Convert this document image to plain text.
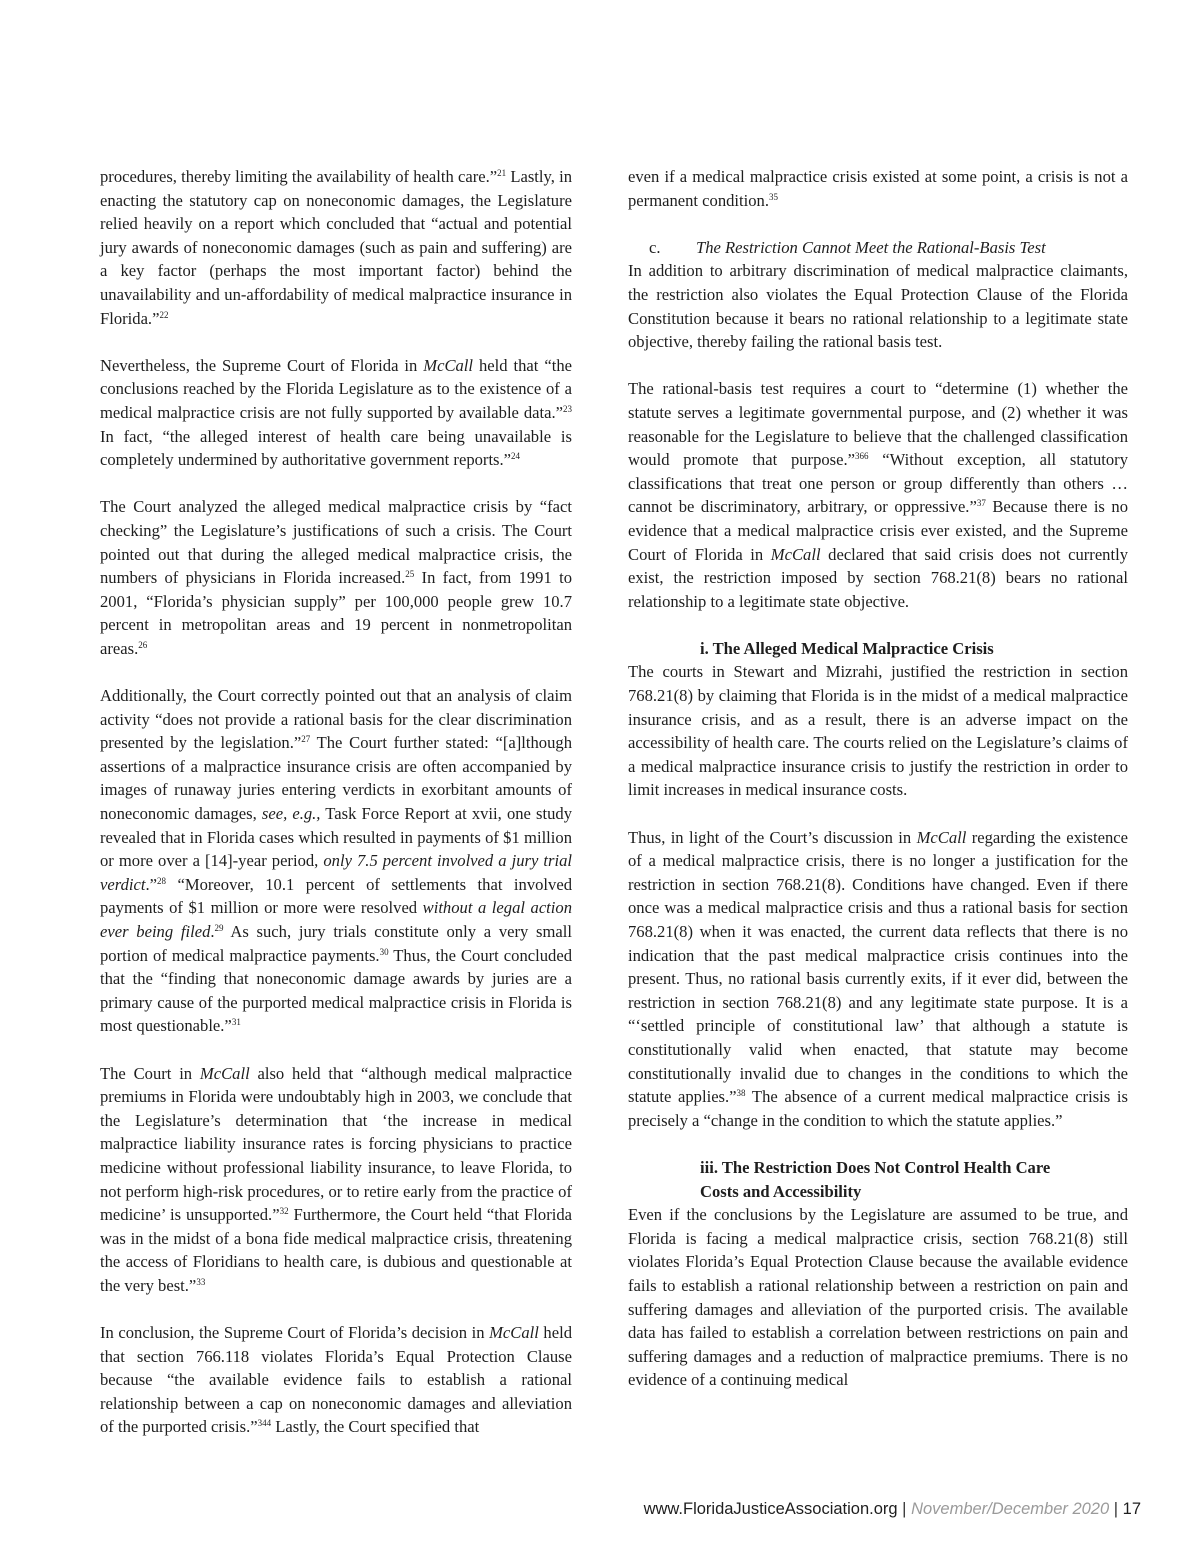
procedures, thereby limiting the availability of health care.”$^{21}$ Lastly, in enacting the statutory cap on noneconomic damages, the Legislature relied heavily on a report which concluded that “actual and potential jury awards of noneconomic damages (such as pain and suffering) are a key factor (perhaps the most important factor) behind the unavailability and un-affordability of medical malpractice insurance in Florida.”$^{22}$

Nevertheless, the Supreme Court of Florida in McCall held that “the conclusions reached by the Florida Legislature as to the existence of a medical malpractice crisis are not fully supported by available data.”$^{23}$ In fact, “the alleged interest of health care being unavailable is completely undermined by authoritative government reports.”$^{24}$

The Court analyzed the alleged medical malpractice crisis by “fact checking” the Legislature’s justifications of such a crisis. The Court pointed out that during the alleged medical malpractice crisis, the numbers of physicians in Florida increased.$^{25}$ In fact, from 1991 to 2001, “Florida’s physician supply” per 100,000 people grew 10.7 percent in metropolitan areas and 19 percent in nonmetropolitan areas.$^{26}$

Additionally, the Court correctly pointed out that an analysis of claim activity “does not provide a rational basis for the clear discrimination presented by the legislation.”$^{27}$ The Court further stated: “[a]lthough assertions of a malpractice insurance crisis are often accompanied by images of runaway juries entering verdicts in exorbitant amounts of noneconomic damages, see, e.g., Task Force Report at xvii, one study revealed that in Florida cases which resulted in payments of $1 million or more over a [14]-year period, only 7.5 percent involved a jury trial verdict.”$^{28}$ “Moreover, 10.1 percent of settlements that involved payments of $1 million or more were resolved without a legal action ever being filed.$^{29}$ As such, jury trials constitute only a very small portion of medical malpractice payments.$^{30}$ Thus, the Court concluded that the “finding that noneconomic damage awards by juries are a primary cause of the purported medical malpractice crisis in Florida is most questionable.”$^{31}$

The Court in McCall also held that “although medical malpractice premiums in Florida were undoubtably high in 2003, we conclude that the Legislature’s determination that ‘the increase in medical malpractice liability insurance rates is forcing physicians to practice medicine without professional liability insurance, to leave Florida, to not perform high-risk procedures, or to retire early from the practice of medicine’ is unsupported.”$^{32}$ Furthermore, the Court held “that Florida was in the midst of a bona fide medical malpractice crisis, threatening the access of Floridians to health care, is dubious and questionable at the very best.”$^{33}$

In conclusion, the Supreme Court of Florida’s decision in McCall held that section 766.118 violates Florida’s Equal Protection Clause because “the available evidence fails to establish a rational relationship between a cap on noneconomic damages and alleviation of the purported crisis.”$^{344}$ Lastly, the Court specified that

even if a medical malpractice crisis existed at some point, a crisis is not a permanent condition.$^{35}$

c. The Restriction Cannot Meet the Rational-Basis Test

In addition to arbitrary discrimination of medical malpractice claimants, the restriction also violates the Equal Protection Clause of the Florida Constitution because it bears no rational relationship to a legitimate state objective, thereby failing the rational basis test.

The rational-basis test requires a court to “determine (1) whether the statute serves a legitimate governmental purpose, and (2) whether it was reasonable for the Legislature to believe that the challenged classification would promote that purpose.”$^{366}$ “Without exception, all statutory classifications that treat one person or group differently than others … cannot be discriminatory, arbitrary, or oppressive.”$^{37}$ Because there is no evidence that a medical malpractice crisis ever existed, and the Supreme Court of Florida in McCall declared that said crisis does not currently exist, the restriction imposed by section 768.21(8) bears no rational relationship to a legitimate state objective.

i. The Alleged Medical Malpractice Crisis

The courts in Stewart and Mizrahi, justified the restriction in section 768.21(8) by claiming that Florida is in the midst of a medical malpractice insurance crisis, and as a result, there is an adverse impact on the accessibility of health care. The courts relied on the Legislature’s claims of a medical malpractice insurance crisis to justify the restriction in order to limit increases in medical insurance costs.

Thus, in light of the Court’s discussion in McCall regarding the existence of a medical malpractice crisis, there is no longer a justification for the restriction in section 768.21(8). Conditions have changed. Even if there once was a medical malpractice crisis and thus a rational basis for section 768.21(8) when it was enacted, the current data reflects that there is no indication that the past medical malpractice crisis continues into the present. Thus, no rational basis currently exits, if it ever did, between the restriction in section 768.21(8) and any legitimate state purpose. It is a “‘settled principle of constitutional law’ that although a statute is constitutionally valid when enacted, that statute may become constitutionally invalid due to changes in the conditions to which the statute applies.”$^{38}$ The absence of a current medical malpractice crisis is precisely a “change in the condition to which the statute applies.”

iii. The Restriction Does Not Control Health Care
Costs and Accessibility

Even if the conclusions by the Legislature are assumed to be true, and Florida is facing a medical malpractice crisis, section 768.21(8) still violates Florida’s Equal Protection Clause because the available evidence fails to establish a rational relationship between a restriction on pain and suffering damages and alleviation of the purported crisis. The available data has failed to establish a correlation between restrictions on pain and suffering damages and a reduction of malpractice premiums. There is no evidence of a continuing medical

www.FloridaJusticeAssociation.org | November/December 2020 | 17
